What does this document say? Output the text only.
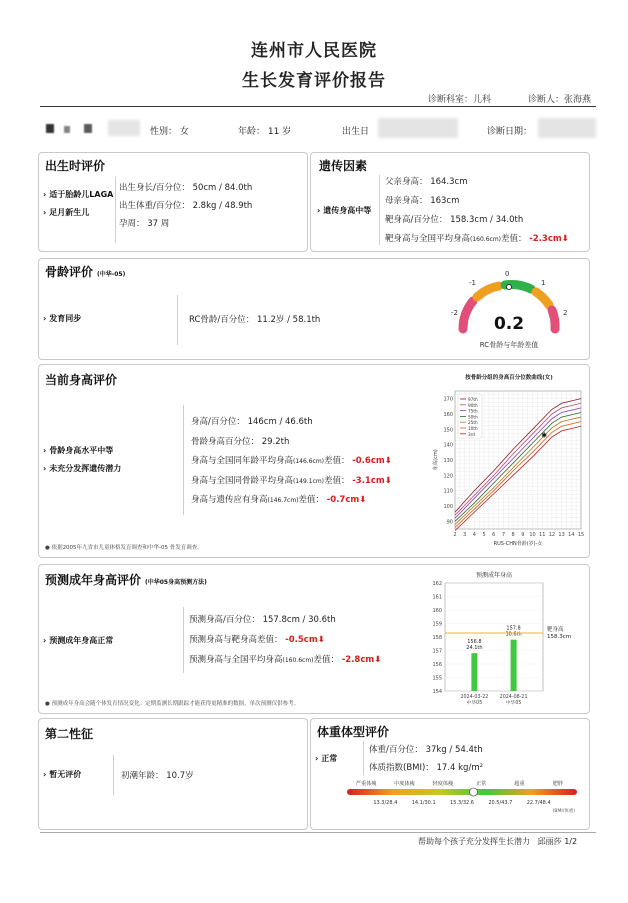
连州市人民医院
生长发育评价报告
诊断科室：儿科	诊断人：张海燕
性别： 女	年龄： 11 岁	出生日	诊断日期：
出生时评价
› 适于胎龄儿LAGA
› 足月新生儿
出生身长/百分位： 50cm / 84.0th
出生体重/百分位： 2.8kg / 48.9th
孕周： 37 周
遗传因素
› 遗传身高中等
父亲身高： 164.3cm
母亲身高： 163cm
靶身高/百分位： 158.3cm / 34.0th
靶身高与全国平均身高(160.6cm)差值： -2.3cm⬇
骨龄评价 (中华-05)
› 发育同步	RC骨龄/百分位： 11.2岁 / 58.1th
-2
-1
0
1
2
0.2
RC骨龄与年龄差值
当前身高评价
› 骨龄身高水平中等
› 未充分发挥遗传潜力
身高/百分位： 146cm / 46.6th
骨龄身高百分位： 29.2th
身高与全国同年龄平均身高(146.6cm)差值： -0.6cm⬇
身高与全国同骨龄平均身高(149.1cm)差值： -3.1cm⬇
身高与遗传应有身高(146.7cm)差值： -0.7cm⬇
● 依据2005年九省市儿童体格发育调查和中华-05 骨发育调查。
按骨龄分组的身高百分位数曲线(女)
90
100
110
120
130
140
150
160
170
2 3 4 5 6 7 8 9 10 11 12 13 14 15
RUS-CHN骨龄(岁)-女
身高(cm)
97th
90th
75th
50th
25th
10th
3rd	✱
预测成年身高评价 (中华05身高预测方法)
› 预测成年身高正常
预测身高/百分位： 157.8cm / 30.6th
预测身高与靶身高差值： -0.5cm⬇
预测身高与全国平均身高(160.6cm)差值： -2.8cm⬇
● 预测成年身高会随个体发育情况变化。定期监测长期跟踪才能获得更精准的数据。单次预测仅供参考。
预测成年身高
154
155
156
157
158
159
160
161
162
156.8
24.1th
2024-03-22
中华05
157.8
30.6th
2024-08-21
中华05
靶身高
158.3cm
第二性征
› 暂无评价	初潮年龄： 10.7岁
体重体型评价
› 正常
体重/百分位： 37kg / 54.4th
体质指数(BMI)： 17.4 kg/m²
严重体瘦	中度体瘦	轻度体瘦	正常	超重	肥胖
13.3/28.4	14.1/30.1	15.3/32.6	20.5/43.7	22.7/48.4
(BMI/体重)
帮助每个孩子充分发挥生长潜力 邱丽莎 1/2
